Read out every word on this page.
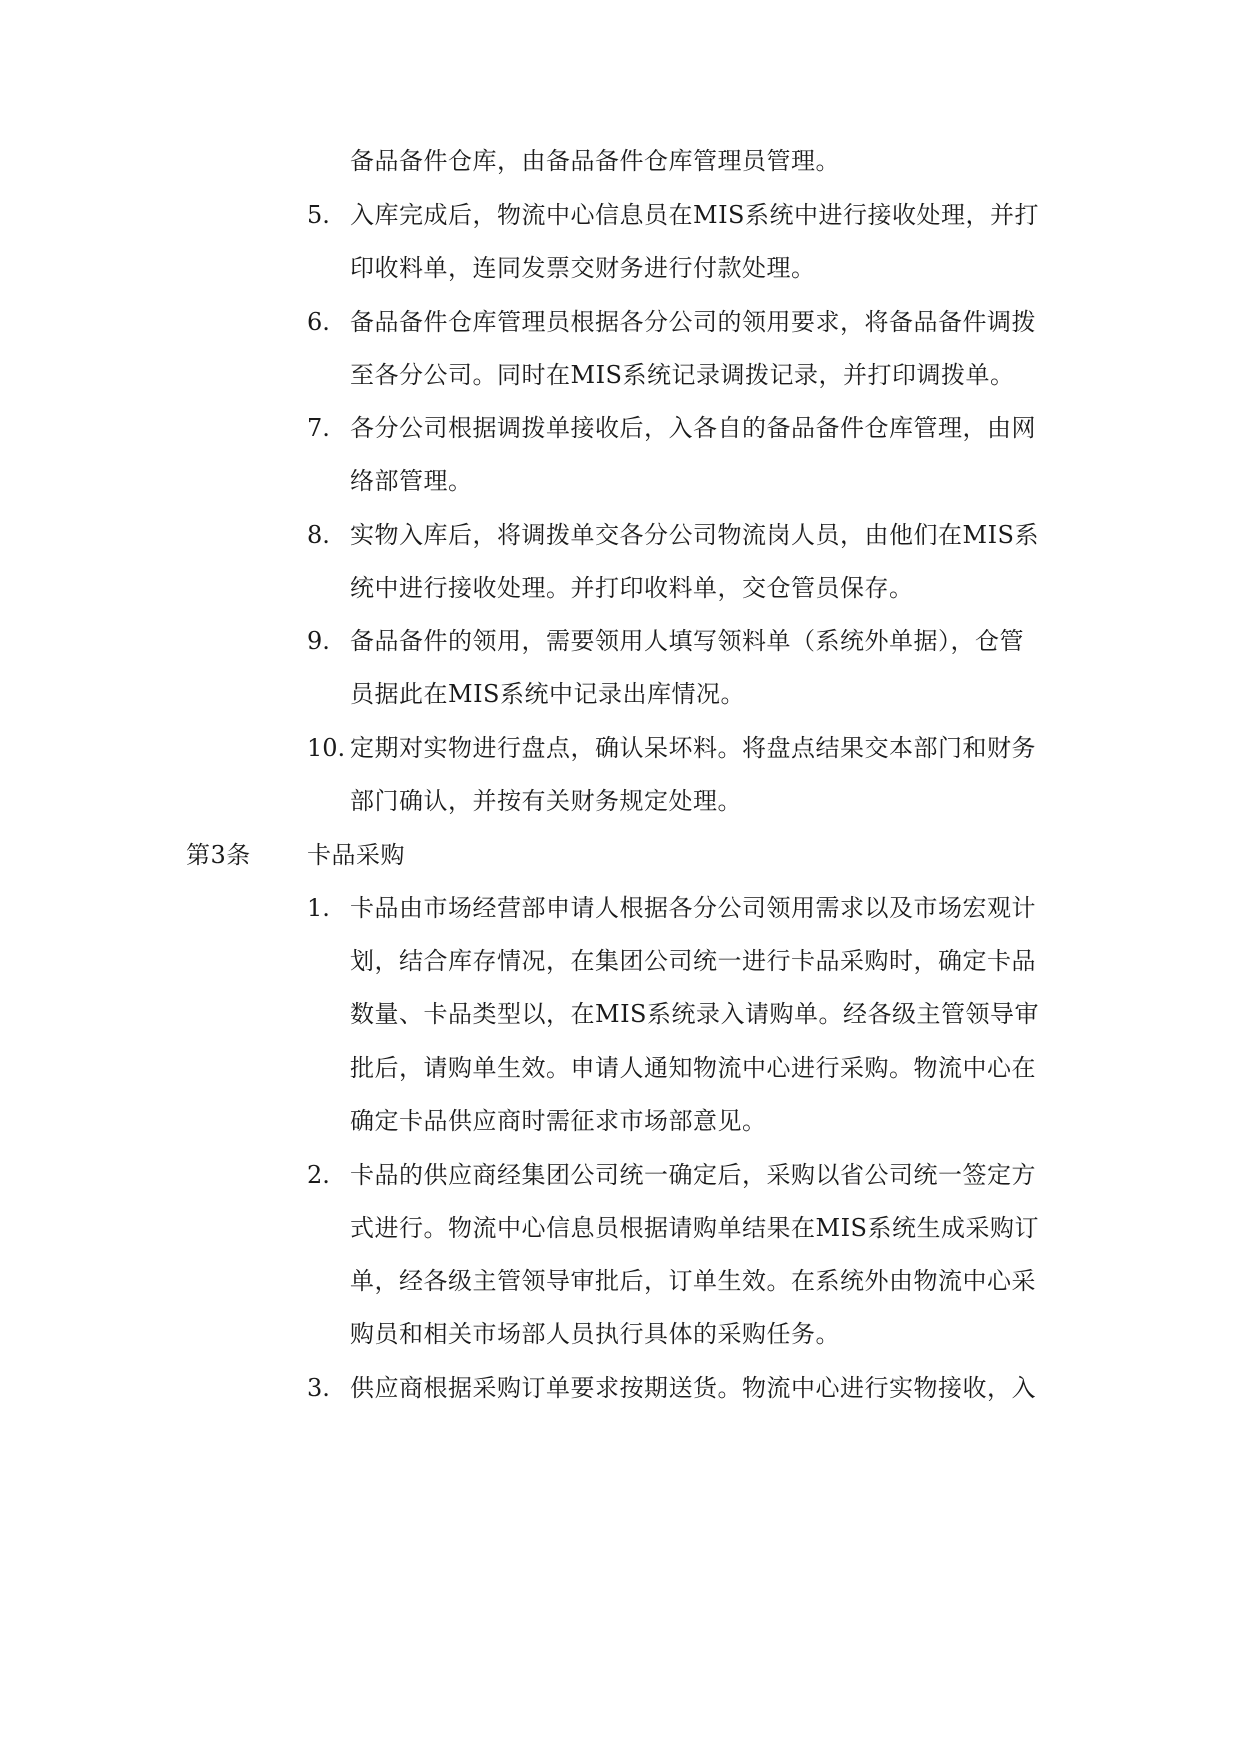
备品备件仓库，由备品备件仓库管理员管理。
5. 入库完成后，物流中心信息员在MIS系统中进行接收处理，并打
印收料单，连同发票交财务进行付款处理。
6. 备品备件仓库管理员根据各分公司的领用要求，将备品备件调拨
至各分公司。同时在MIS系统记录调拨记录，并打印调拨单。
7. 各分公司根据调拨单接收后，入各自的备品备件仓库管理，由网
络部管理。
8. 实物入库后，将调拨单交各分公司物流岗人员，由他们在MIS系
统中进行接收处理。并打印收料单，交仓管员保存。
9. 备品备件的领用，需要领用人填写领料单（系统外单据），仓管
员据此在MIS系统中记录出库情况。
10. 定期对实物进行盘点，确认呆坏料。将盘点结果交本部门和财务
部门确认，并按有关财务规定处理。
第3条 卡品采购
1. 卡品由市场经营部申请人根据各分公司领用需求以及市场宏观计
划，结合库存情况，在集团公司统一进行卡品采购时，确定卡品
数量、卡品类型以，在MIS系统录入请购单。经各级主管领导审
批后，请购单生效。申请人通知物流中心进行采购。物流中心在
确定卡品供应商时需征求市场部意见。
2. 卡品的供应商经集团公司统一确定后，采购以省公司统一签定方
式进行。物流中心信息员根据请购单结果在MIS系统生成采购订
单，经各级主管领导审批后，订单生效。在系统外由物流中心采
购员和相关市场部人员执行具体的采购任务。
3. 供应商根据采购订单要求按期送货。物流中心进行实物接收，入
